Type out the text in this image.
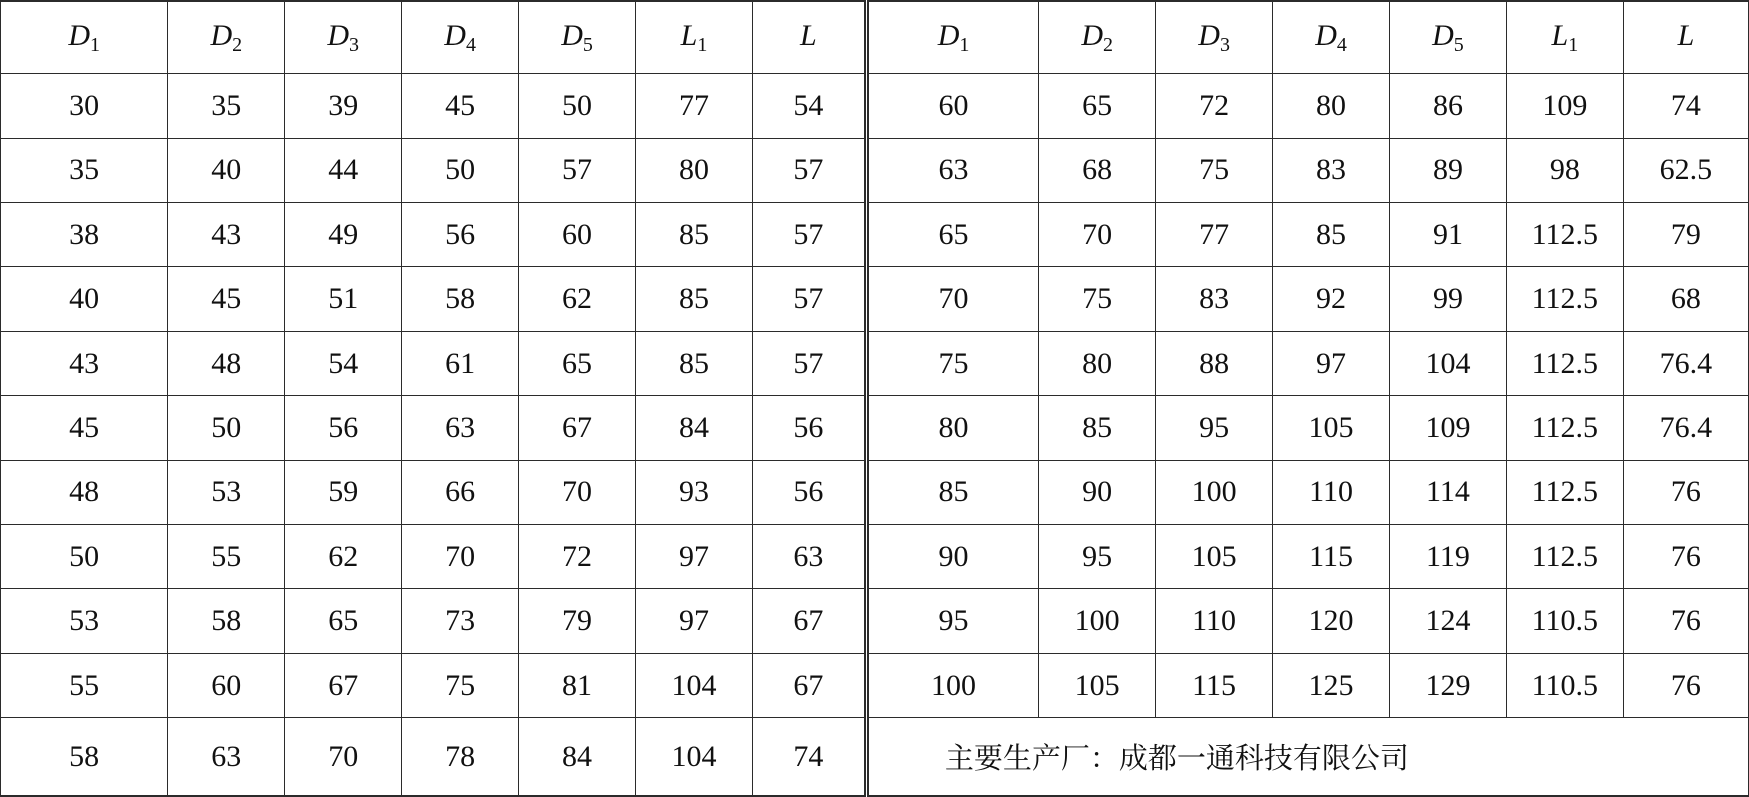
$D_1$	$D_2$	$D_3$	$D_4$	$D_5$	$L_1$	L	$D_1$	$D_2$	$D_3$	$D_4$	$D_5$	$L_1$	L
30	35	39	45	50	77	54	60	65	72	80	86	109	74
35	40	44	50	57	80	57	63	68	75	83	89	98	62.5
38	43	49	56	60	85	57	65	70	77	85	91	112.5	79
40	45	51	58	62	85	57	70	75	83	92	99	112.5	68
43	48	54	61	65	85	57	75	80	88	97	104	112.5	76.4
45	50	56	63	67	84	56	80	85	95	105	109	112.5	76.4
48	53	59	66	70	93	56	85	90	100	110	114	112.5	76
50	55	62	70	72	97	63	90	95	105	115	119	112.5	76
53	58	65	73	79	97	67	95	100	110	120	124	110.5	76
55	60	67	75	81	104	67	100	105	115	125	129	110.5	76
58	63	70	78	84	104	74	主要生产厂：成都一通科技有限公司						
